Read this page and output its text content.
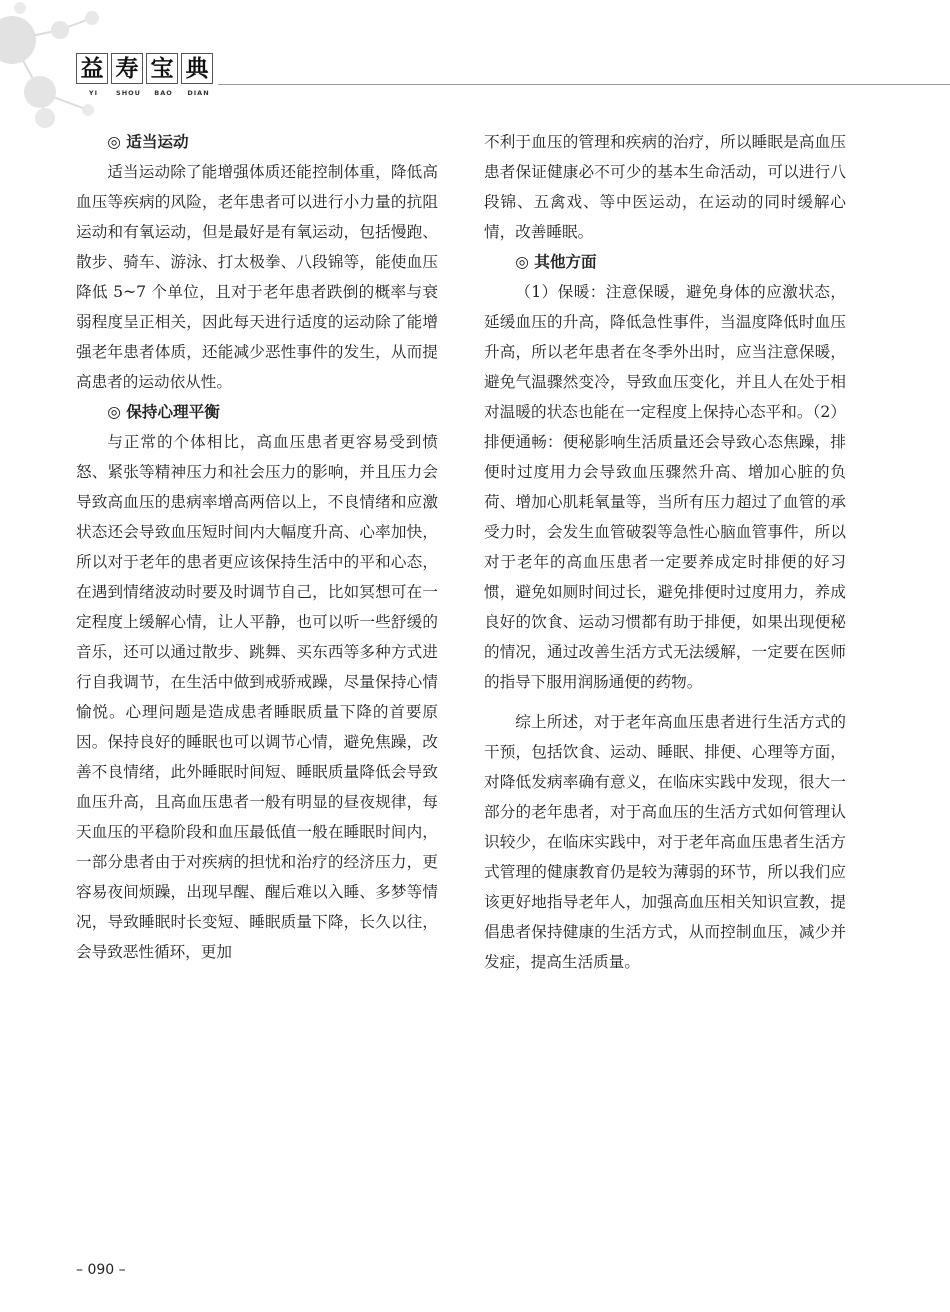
益 寿 宝 典
YI	SHOU	BAO	DIAN
◎ 适当运动

适当运动除了能增强体质还能控制体重，降低高血压等疾病的风险，老年患者可以进行小力量的抗阻运动和有氧运动，但是最好是有氧运动，包括慢跑、散步、骑车、游泳、打太极拳、八段锦等，能使血压降低 5~7 个单位，且对于老年患者跌倒的概率与衰弱程度呈正相关，因此每天进行适度的运动除了能增强老年患者体质，还能减少恶性事件的发生，从而提高患者的运动依从性。

◎ 保持心理平衡

与正常的个体相比，高血压患者更容易受到愤怒、紧张等精神压力和社会压力的影响，并且压力会导致高血压的患病率增高两倍以上，不良情绪和应激状态还会导致血压短时间内大幅度升高、心率加快，所以对于老年的患者更应该保持生活中的平和心态，在遇到情绪波动时要及时调节自己，比如冥想可在一定程度上缓解心情，让人平静，也可以听一些舒缓的音乐，还可以通过散步、跳舞、买东西等多种方式进行自我调节，在生活中做到戒骄戒躁，尽量保持心情愉悦。心理问题是造成患者睡眠质量下降的首要原因。保持良好的睡眠也可以调节心情，避免焦躁，改善不良情绪，此外睡眠时间短、睡眠质量降低会导致血压升高，且高血压患者一般有明显的昼夜规律，每天血压的平稳阶段和血压最低值一般在睡眠时间内，一部分患者由于对疾病的担忧和治疗的经济压力，更容易夜间烦躁，出现早醒、醒后难以入睡、多梦等情况，导致睡眠时长变短、睡眠质量下降，长久以往，会导致恶性循环，更加

不利于血压的管理和疾病的治疗，所以睡眠是高血压患者保证健康必不可少的基本生命活动，可以进行八段锦、五禽戏、等中医运动，在运动的同时缓解心情，改善睡眠。

◎ 其他方面

（1）保暖：注意保暖，避免身体的应激状态，延缓血压的升高，降低急性事件，当温度降低时血压升高，所以老年患者在冬季外出时，应当注意保暖，避免气温骤然变冷，导致血压变化，并且人在处于相对温暖的状态也能在一定程度上保持心态平和。（2）排便通畅：便秘影响生活质量还会导致心态焦躁，排便时过度用力会导致血压骤然升高、增加心脏的负荷、增加心肌耗氧量等，当所有压力超过了血管的承受力时，会发生血管破裂等急性心脑血管事件，所以对于老年的高血压患者一定要养成定时排便的好习惯，避免如厕时间过长，避免排便时过度用力，养成良好的饮食、运动习惯都有助于排便，如果出现便秘的情况，通过改善生活方式无法缓解，一定要在医师的指导下服用润肠通便的药物。

综上所述，对于老年高血压患者进行生活方式的干预，包括饮食、运动、睡眠、排便、心理等方面，对降低发病率确有意义，在临床实践中发现，很大一部分的老年患者，对于高血压的生活方式如何管理认识较少，在临床实践中，对于老年高血压患者生活方式管理的健康教育仍是较为薄弱的环节，所以我们应该更好地指导老年人，加强高血压相关知识宣教，提倡患者保持健康的生活方式，从而控制血压，减少并发症，提高生活质量。

– 090 –
